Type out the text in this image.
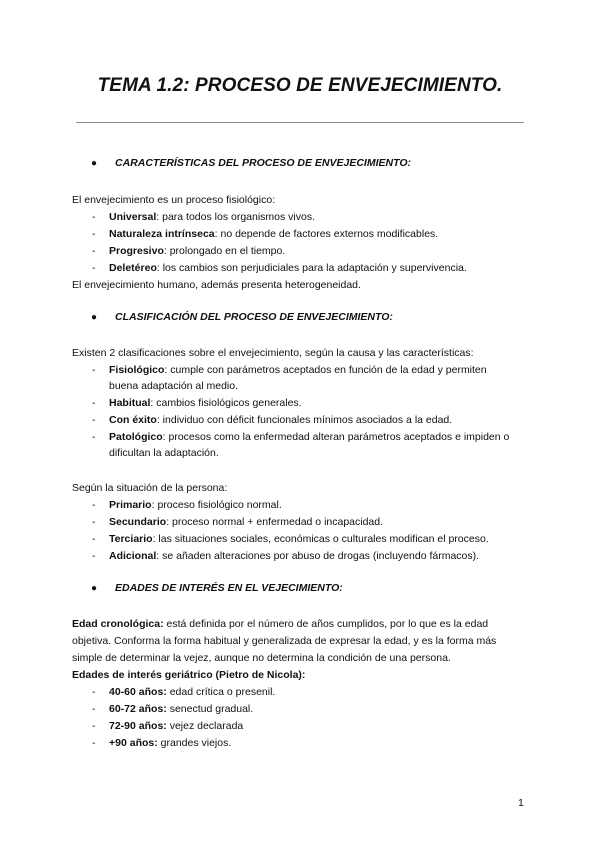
TEMA 1.2: PROCESO DE ENVEJECIMIENTO.
● CARACTERÍSTICAS DEL PROCESO DE ENVEJECIMIENTO:
El envejecimiento es un proceso fisiológico:
- Universal: para todos los organismos vivos.
- Naturaleza intrínseca: no depende de factores externos modificables.
- Progresivo: prolongado en el tiempo.
- Deletéreo: los cambios son perjudiciales para la adaptación y supervivencia.
El envejecimiento humano, además presenta heterogeneidad.
● CLASIFICACIÓN DEL PROCESO DE ENVEJECIMIENTO:
Existen 2 clasificaciones sobre el envejecimiento, según la causa y las características:
- Fisiológico: cumple con parámetros aceptados en función de la edad y permiten
buena adaptación al medio.
- Habitual: cambios fisiológicos generales.
- Con éxito: individuo con déficit funcionales mínimos asociados a la edad.
- Patológico: procesos como la enfermedad alteran parámetros aceptados e impiden o
dificultan la adaptación.
Según la situación de la persona:
- Primario: proceso fisiológico normal.
- Secundario: proceso normal + enfermedad o incapacidad.
- Terciario: las situaciones sociales, económicas o culturales modifican el proceso.
- Adicional: se añaden alteraciones por abuso de drogas (incluyendo fármacos).
● EDADES DE INTERÉS EN EL VEJECIMIENTO:
Edad cronológica: está definida por el número de años cumplidos, por lo que es la edad
objetiva. Conforma la forma habitual y generalizada de expresar la edad, y es la forma más
simple de determinar la vejez, aunque no determina la condición de una persona.
Edades de interés geriátrico (Pietro de Nicola):
- 40-60 años: edad crítica o presenil.
- 60-72 años: senectud gradual.
- 72-90 años: vejez declarada
- +90 años: grandes viejos.
1
